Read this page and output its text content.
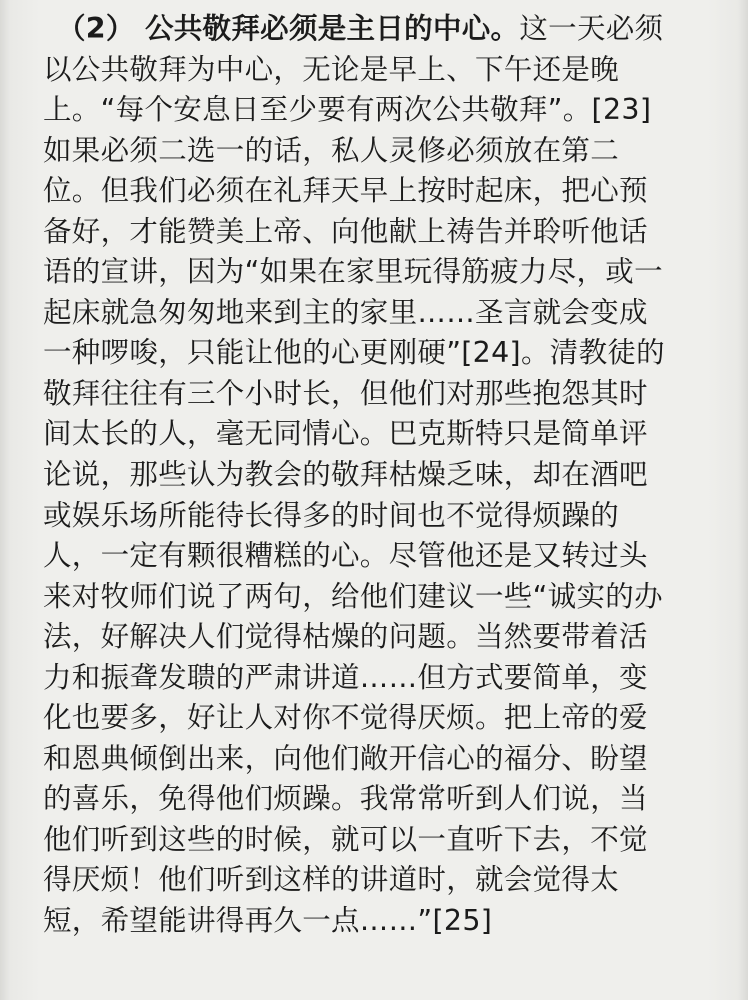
（2） 公共敬拜必须是主日的中心。这一天必须
以公共敬拜为中心，无论是早上、下午还是晚
上。“每个安息日至少要有两次公共敬拜”。[23]
如果必须二选一的话，私人灵修必须放在第二
位。但我们必须在礼拜天早上按时起床，把心预
备好，才能赞美上帝、向他献上祷告并聆听他话
语的宣讲，因为“如果在家里玩得筋疲力尽，或一
起床就急匆匆地来到主的家里……圣言就会变成
一种啰唆，只能让他的心更刚硬”[24]。清教徒的
敬拜往往有三个小时长，但他们对那些抱怨其时
间太长的人，毫无同情心。巴克斯特只是简单评
论说，那些认为教会的敬拜枯燥乏味，却在酒吧
或娱乐场所能待长得多的时间也不觉得烦躁的
人，一定有颗很糟糕的心。尽管他还是又转过头
来对牧师们说了两句，给他们建议一些“诚实的办
法，好解决人们觉得枯燥的问题。当然要带着活
力和振聋发聩的严肃讲道……但方式要简单，变
化也要多，好让人对你不觉得厌烦。把上帝的爱
和恩典倾倒出来，向他们敞开信心的福分、盼望
的喜乐，免得他们烦躁。我常常听到人们说，当
他们听到这些的时候，就可以一直听下去，不觉
得厌烦！他们听到这样的讲道时，就会觉得太
短，希望能讲得再久一点……”[25]
